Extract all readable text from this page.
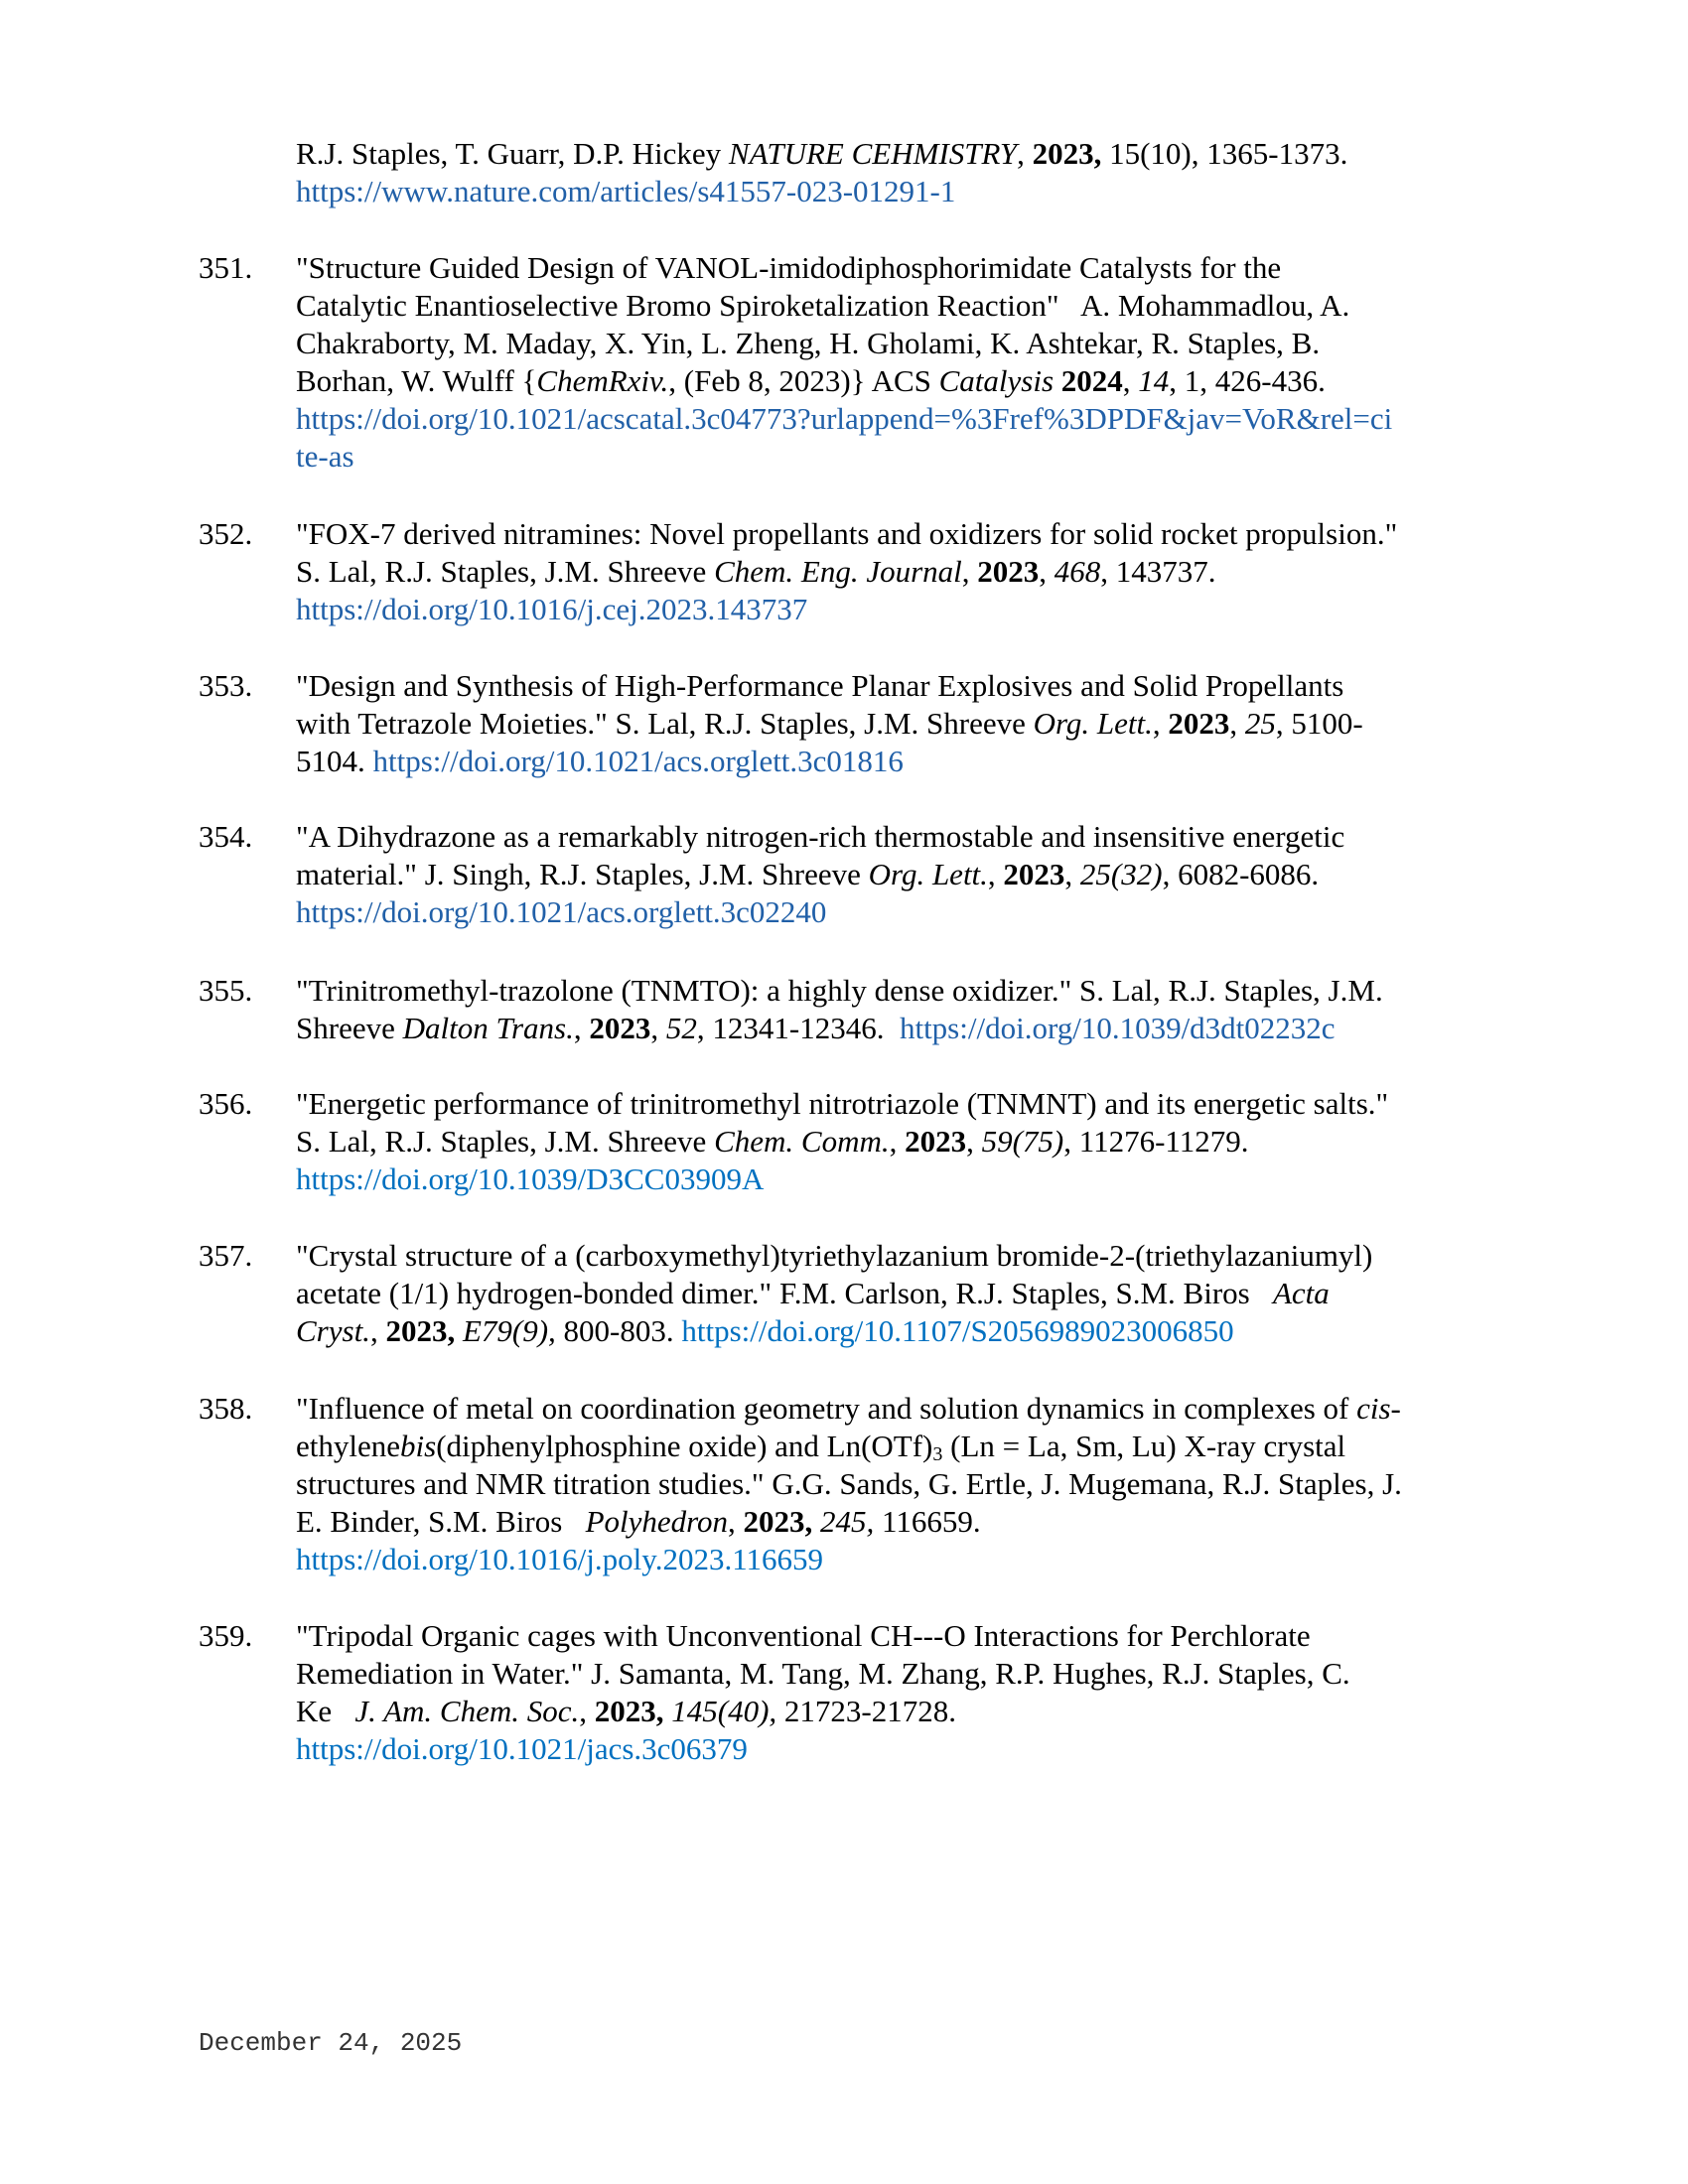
R.J. Staples, T. Guarr, D.P. Hickey NATURE CEHMISTRY, 2023, 15(10), 1365-1373.
https://www.nature.com/articles/s41557-023-01291-1
351. "Structure Guided Design of VANOL-imidodiphosphorimidate Catalysts for the
Catalytic Enantioselective Bromo Spiroketalization Reaction"   A. Mohammadlou, A.
Chakraborty, M. Maday, X. Yin, L. Zheng, H. Gholami, K. Ashtekar, R. Staples, B.
Borhan, W. Wulff {ChemRxiv., (Feb 8, 2023)} ACS Catalysis 2024, 14, 1, 426-436.
https://doi.org/10.1021/acscatal.3c04773?urlappend=%3Fref%3DPDF&jav=VoR&rel=ci
te-as
352. "FOX-7 derived nitramines: Novel propellants and oxidizers for solid rocket propulsion."
S. Lal, R.J. Staples, J.M. Shreeve Chem. Eng. Journal, 2023, 468, 143737.
https://doi.org/10.1016/j.cej.2023.143737
353. "Design and Synthesis of High-Performance Planar Explosives and Solid Propellants
with Tetrazole Moieties." S. Lal, R.J. Staples, J.M. Shreeve Org. Lett., 2023, 25, 5100-
5104. https://doi.org/10.1021/acs.orglett.3c01816
354. "A Dihydrazone as a remarkably nitrogen-rich thermostable and insensitive energetic
material." J. Singh, R.J. Staples, J.M. Shreeve Org. Lett., 2023, 25(32), 6082-6086.
https://doi.org/10.1021/acs.orglett.3c02240
355. "Trinitromethyl-trazolone (TNMTO): a highly dense oxidizer." S. Lal, R.J. Staples, J.M.
Shreeve Dalton Trans., 2023, 52, 12341-12346.  https://doi.org/10.1039/d3dt02232c
356. "Energetic performance of trinitromethyl nitrotriazole (TNMNT) and its energetic salts."
S. Lal, R.J. Staples, J.M. Shreeve Chem. Comm., 2023, 59(75), 11276-11279.
https://doi.org/10.1039/D3CC03909A
357. "Crystal structure of a (carboxymethyl)tyriethylazanium bromide-2-(triethylazaniumyl)
acetate (1/1) hydrogen-bonded dimer." F.M. Carlson, R.J. Staples, S.M. Biros   Acta
Cryst., 2023, E79(9), 800-803. https://doi.org/10.1107/S2056989023006850
358. "Influence of metal on coordination geometry and solution dynamics in complexes of cis-
ethylenebis(diphenylphosphine oxide) and $Ln(OTf)_3$ (Ln = La, Sm, Lu) X-ray crystal
structures and NMR titration studies." G.G. Sands, G. Ertle, J. Mugemana, R.J. Staples, J.
E. Binder, S.M. Biros   Polyhedron, 2023, 245, 116659.
https://doi.org/10.1016/j.poly.2023.116659
359. "Tripodal Organic cages with Unconventional CH---O Interactions for Perchlorate
Remediation in Water." J. Samanta, M. Tang, M. Zhang, R.P. Hughes, R.J. Staples, C.
Ke   J. Am. Chem. Soc., 2023, 145(40), 21723-21728.
https://doi.org/10.1021/jacs.3c06379
December 24, 2025
